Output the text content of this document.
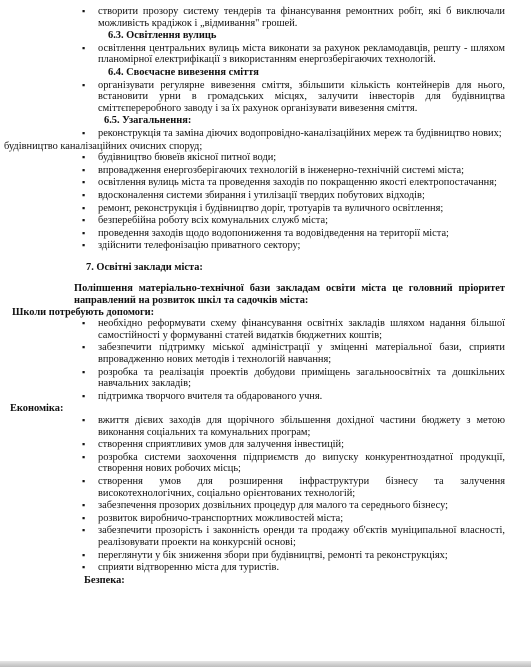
▪ створити прозору систему тендерів та фінансування ремонтних робіт, які б виключали можливість крадіжок і „відмивання" грошей.
6.3. Освітлення вулиць
▪ освітлення центральних вулиць міста виконати за рахунок рекламодавців, решту - шляхом планомірної електрифікації з використанням енергозберігаючих технологій.
6.4. Своєчасне вивезення сміття
▪ організувати регулярне вивезення сміття, збільшити кількість контейнерів для нього, встановити урни в громадських місцях, залучити інвесторів для будівництва сміттєпереробного заводу і за їх рахунок організувати вивезення сміття.
6.5. Узагальнення:
▪ реконструкція та заміна діючих водопровідно-каналізаційних мереж та будівництво нових;
будівництво каналізаційних очисних споруд;
▪ будівництво бювеїв якісної питної води;
▪ впровадження енергозберігаючих технологій в інженерно-технічній системі міста;
▪ освітлення вулиць міста та проведення заходів по покращенню якості електропостачання;
▪ вдосконалення системи збирання і утилізації твердих побутових відходів;
▪ ремонт, реконструкція і будівництво доріг, тротуарів та вуличного освітлення;
▪ безперебійна роботу всіх комунальних служб міста;
▪ проведення заходів щодо водопониження та водовідведення на території міста;
▪ здійснити телефонізацію приватного сектору;
7. Освітні заклади міста:
Поліпшення матеріально-технічної бази закладам освіти міста це головний пріоритет направлений на розвиток шкіл та садочків міста:
Школи потребують допомоги:
▪ необхідно реформувати схему фінансування освітніх закладів шляхом надання більшої самостійності у формуванні статей видатків бюджетних коштів;
▪ забезпечити підтримку міської адміністрації у зміценні матеріальної бази, сприяти впровадженню нових методів і технологій навчання;
▪ розробка та реалізація проектів добудови приміщень загальноосвітніх та дошкільних навчальних закладів;
▪ підтримка творчого вчителя та обдарованого учня.
Економіка:
▪ вжиття дієвих заходів для щорічного збільшення дохідної частини бюджету з метою виконання соціальних та комунальних програм;
▪ створення сприятливих умов для залучення інвестицій;
▪ розробка системи заохочення підприємств до випуску конкурентноздатної продукції, створення нових робочих місць;
▪ створення умов для розширення інфраструктури бізнесу та залучення високотехнологічних, соціально орієнтованих технологій;
▪ забезпечення прозорих дозвільних процедур для малого та середнього бізнесу;
▪ розвиток виробничо-транспортних можливостей міста;
▪ забезпечити прозорість і законність оренди та продажу об'єктів муніципальної власності, реалізовувати проекти на конкурсній основі;
▪ переглянути у бік зниження збори при будівництві, ремонті та реконструкціях;
▪ сприяти відтворенню міста для туристів.
Безпека:
